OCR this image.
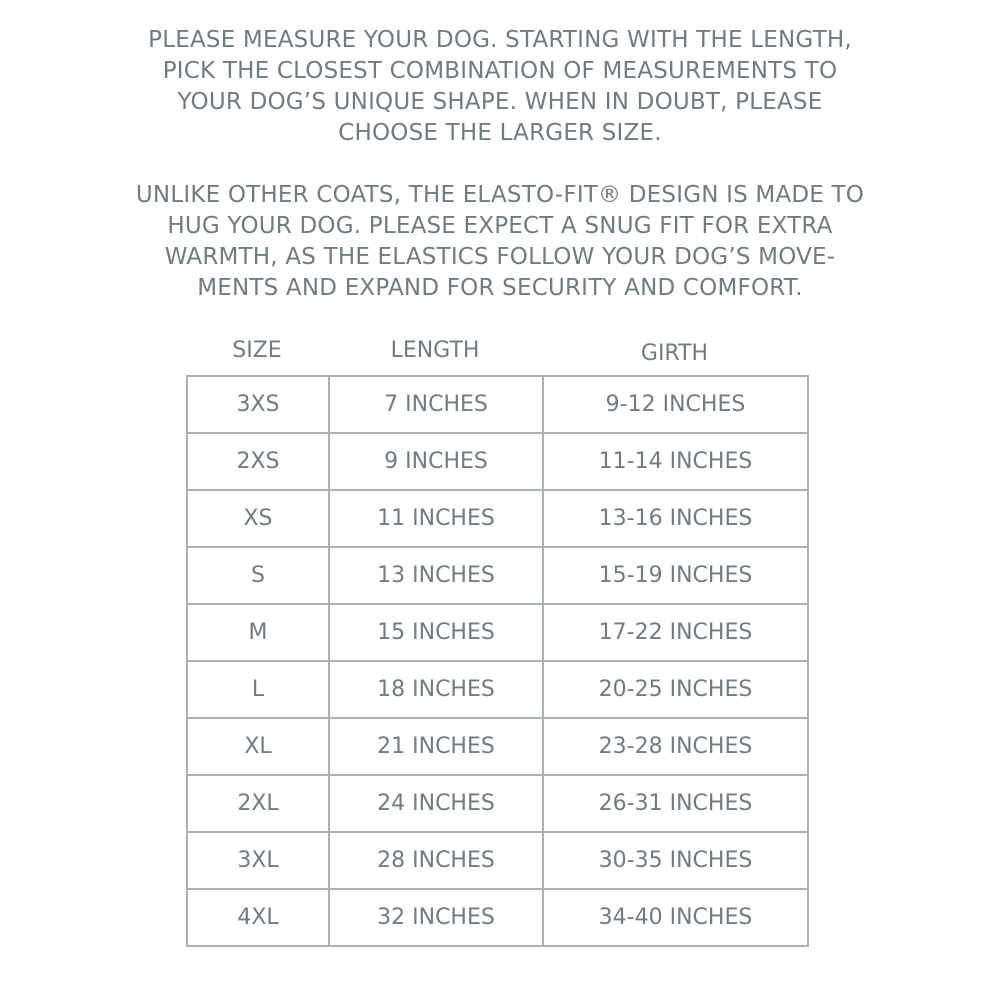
PLEASE MEASURE YOUR DOG. STARTING WITH THE LENGTH,
PICK THE CLOSEST COMBINATION OF MEASUREMENTS TO
YOUR DOG’S UNIQUE SHAPE. WHEN IN DOUBT, PLEASE
CHOOSE THE LARGER SIZE.
UNLIKE OTHER COATS, THE ELASTO-FIT® DESIGN IS MADE TO
HUG YOUR DOG. PLEASE EXPECT A SNUG FIT FOR EXTRA
WARMTH, AS THE ELASTICS FOLLOW YOUR DOG’S MOVE-
MENTS AND EXPAND FOR SECURITY AND COMFORT.
SIZE	LENGTH	GIRTH
3XS	7 INCHES	9-12 INCHES
2XS	9 INCHES	11-14 INCHES
XS	11 INCHES	13-16 INCHES
S	13 INCHES	15-19 INCHES
M	15 INCHES	17-22 INCHES
L	18 INCHES	20-25 INCHES
XL	21 INCHES	23-28 INCHES
2XL	24 INCHES	26-31 INCHES
3XL	28 INCHES	30-35 INCHES
4XL	32 INCHES	34-40 INCHES
